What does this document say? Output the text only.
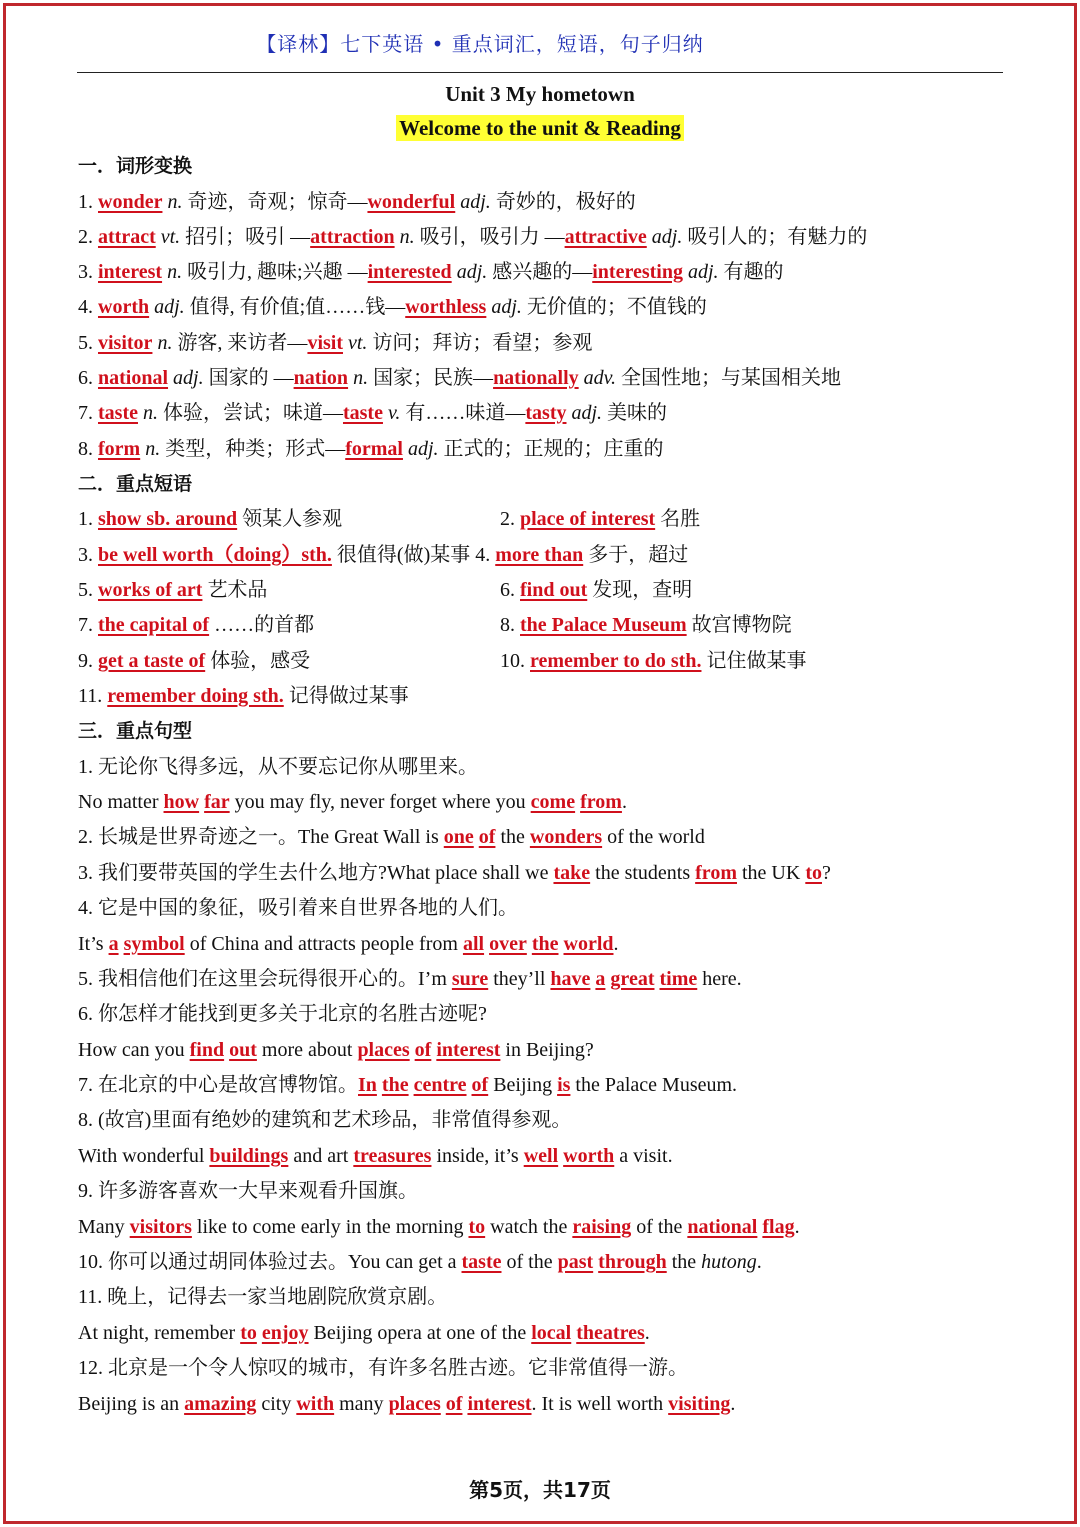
【译林】七下英语 • 重点词汇，短语，句子归纳
Unit 3 My hometown
Welcome to the unit & Reading
一．词形变换
二．重点短语
三．重点句型
1. wonder n. 奇迹，奇观；惊奇—wonderful adj. 奇妙的，极好的
2. attract vt. 招引；吸引 —attraction n. 吸引，吸引力 —attractive adj. 吸引人的；有魅力的
3. interest n. 吸引力, 趣味;兴趣 —interested adj. 感兴趣的—interesting adj. 有趣的
4. worth adj. 值得, 有价值;值……钱—worthless adj. 无价值的；不值钱的
5. visitor n. 游客, 来访者—visit vt. 访问；拜访；看望；参观
6. national adj. 国家的 —nation n. 国家；民族—nationally adv. 全国性地；与某国相关地
7. taste n. 体验，尝试；味道—taste v. 有……味道—tasty adj. 美味的
8. form n. 类型，种类；形式—formal adj. 正式的；正规的；庄重的
1. show sb. around 领某人参观	2. place of interest 名胜
3. be well worth（doing）sth. 很值得(做)某事 4. more than 多于，超过
5. works of art 艺术品	6. find out 发现，查明
7. the capital of ……的首都	8. the Palace Museum 故宫博物院
9. get a taste of 体验，感受	10. remember to do sth. 记住做某事
11. remember doing sth. 记得做过某事
1. 无论你飞得多远，从不要忘记你从哪里来。
No matter how far you may fly, never forget where you come from.
2. 长城是世界奇迹之一。The Great Wall is one of the wonders of the world
3. 我们要带英国的学生去什么地方?What place shall we take the students from the UK to?
4. 它是中国的象征，吸引着来自世界各地的人们。
It’s a symbol of China and attracts people from all over the world.
5. 我相信他们在这里会玩得很开心的。I’m sure they’ll have a great time here.
6. 你怎样才能找到更多关于北京的名胜古迹呢?
How can you find out more about places of interest in Beijing?
7. 在北京的中心是故宫博物馆。In the centre of Beijing is the Palace Museum.
8. (故宫)里面有绝妙的建筑和艺术珍品，非常值得参观。
With wonderful buildings and art treasures inside, it’s well worth a visit.
9. 许多游客喜欢一大早来观看升国旗。
Many visitors like to come early in the morning to watch the raising of the national flag.
10. 你可以通过胡同体验过去。You can get a taste of the past through the hutong.
11. 晚上，记得去一家当地剧院欣赏京剧。
At night, remember to enjoy Beijing opera at one of the local theatres.
12. 北京是一个令人惊叹的城市，有许多名胜古迹。它非常值得一游。
Beijing is an amazing city with many places of interest. It is well worth visiting.
第5页，共17页
